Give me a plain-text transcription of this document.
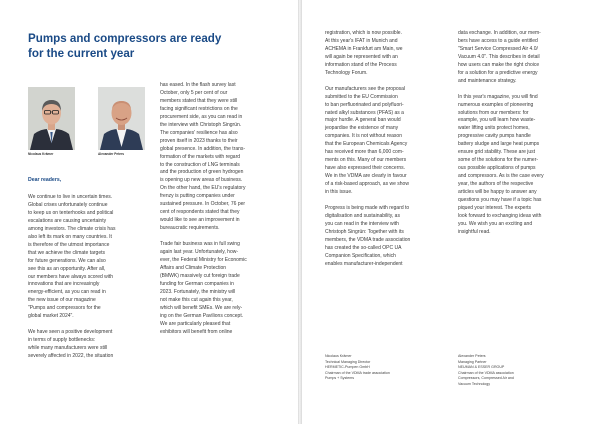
Pumps and compressors are ready for the current year
Nicolaus Krämer	Alexander Peters
Dear readers,

We continue to live in uncertain times.

Global crises unfortunately continue

to keep us on tenterhooks and political

escalations are causing uncertainty

among investors. The climate crisis has

also left its mark on many countries. It

is therefore of the utmost importance

that we achieve the climate targets

for future generations. We can also

see this as an opportunity. After all,

our members have always scored with

innovations that are increasingly

energy-efficient, as you can read in

the new issue of our magazine

"Pumps and compressors for the

global market 2024".

We have seen a positive development

in terms of supply bottlenecks:

while many manufacturers were still

severely affected in 2022, the situation

has eased. In the flash survey last

October, only 5 per cent of our

members stated that they were still

facing significant restrictions on the

procurement side, as you can read in

the interview with Christoph Singrün.

The companies' resilience has also

proven itself in 2023 thanks to their

global presence. In addition, the trans-

formation of the markets with regard

to the construction of LNG terminals

and the production of green hydrogen

is opening up new areas of business.

On the other hand, the EU's regulatory

frenzy is putting companies under

sustained pressure. In October, 76 per

cent of respondents stated that they

would like to see an improvement in

bureaucratic requirements.

Trade fair business was in full swing

again last year. Unfortunately, how-

ever, the Federal Ministry for Economic

Affairs and Climate Protection

(BMWK) massively cut foreign trade

funding for German companies in

2023. Fortunately, the ministry will

not make this cut again this year,

which will benefit SMEs. We are rely-

ing on the German Pavilions concept.

We are particularly pleased that

exhibitors will benefit from online

registration, which is now possible.

At this year's IFAT in Munich and

ACHEMA in Frankfurt am Main, we

will again be represented with an

information stand of the Process

Technology Forum.

Our manufacturers see the proposal

submitted to the EU Commission

to ban perfluorinated and polyfluori-

nated alkyl substances (PFAS) as a

major hurdle. A general ban would

jeopardise the existence of many

companies. It is not without reason

that the European Chemicals Agency

has received more than 6,000 com-

ments on this. Many of our members

have also expressed their concerns.

We in the VDMA are clearly in favour

of a risk-based approach, as we show

in this issue.

Progress is being made with regard to

digitalisation and sustainability, as

you can read in the interview with

Christoph Singrün: Together with its

members, the VDMA trade association

has created the so-called OPC UA

Companion Specification, which

enables manufacturer-independent

data exchange. In addition, our mem-

bers have access to a guide entitled

"Smart Service Compressed Air 4.0/

Vacuum 4.0". This describes in detail

how users can make the right choice

for a solution for a predictive energy

and maintenance strategy.

In this year's magazine, you will find

numerous examples of pioneering

solutions from our members: for

example, you will learn how waste-

water lifting units protect homes,

progressive cavity pumps handle

battery sludge and large heat pumps

ensure grid stability. These are just

some of the solutions for the numer-

ous possible applications of pumps

and compressors. As is the case every

year, the authors of the respective

articles will be happy to answer any

questions you may have if a topic has

piqued your interest. The experts

look forward to exchanging ideas with

you. We wish you an exciting and

insightful read.

Nicolaus Krämer
Technical Managing Director
HERMETIC-Pumpen GmbH
Chairman of the VDMA trade association
Pumps + Systems
Alexander Peters
Managing Partner
NEUMAN & ESSER GROUP
Chairman of the VDMA association
Compressors, Compressed Air and
Vacuum Technology
